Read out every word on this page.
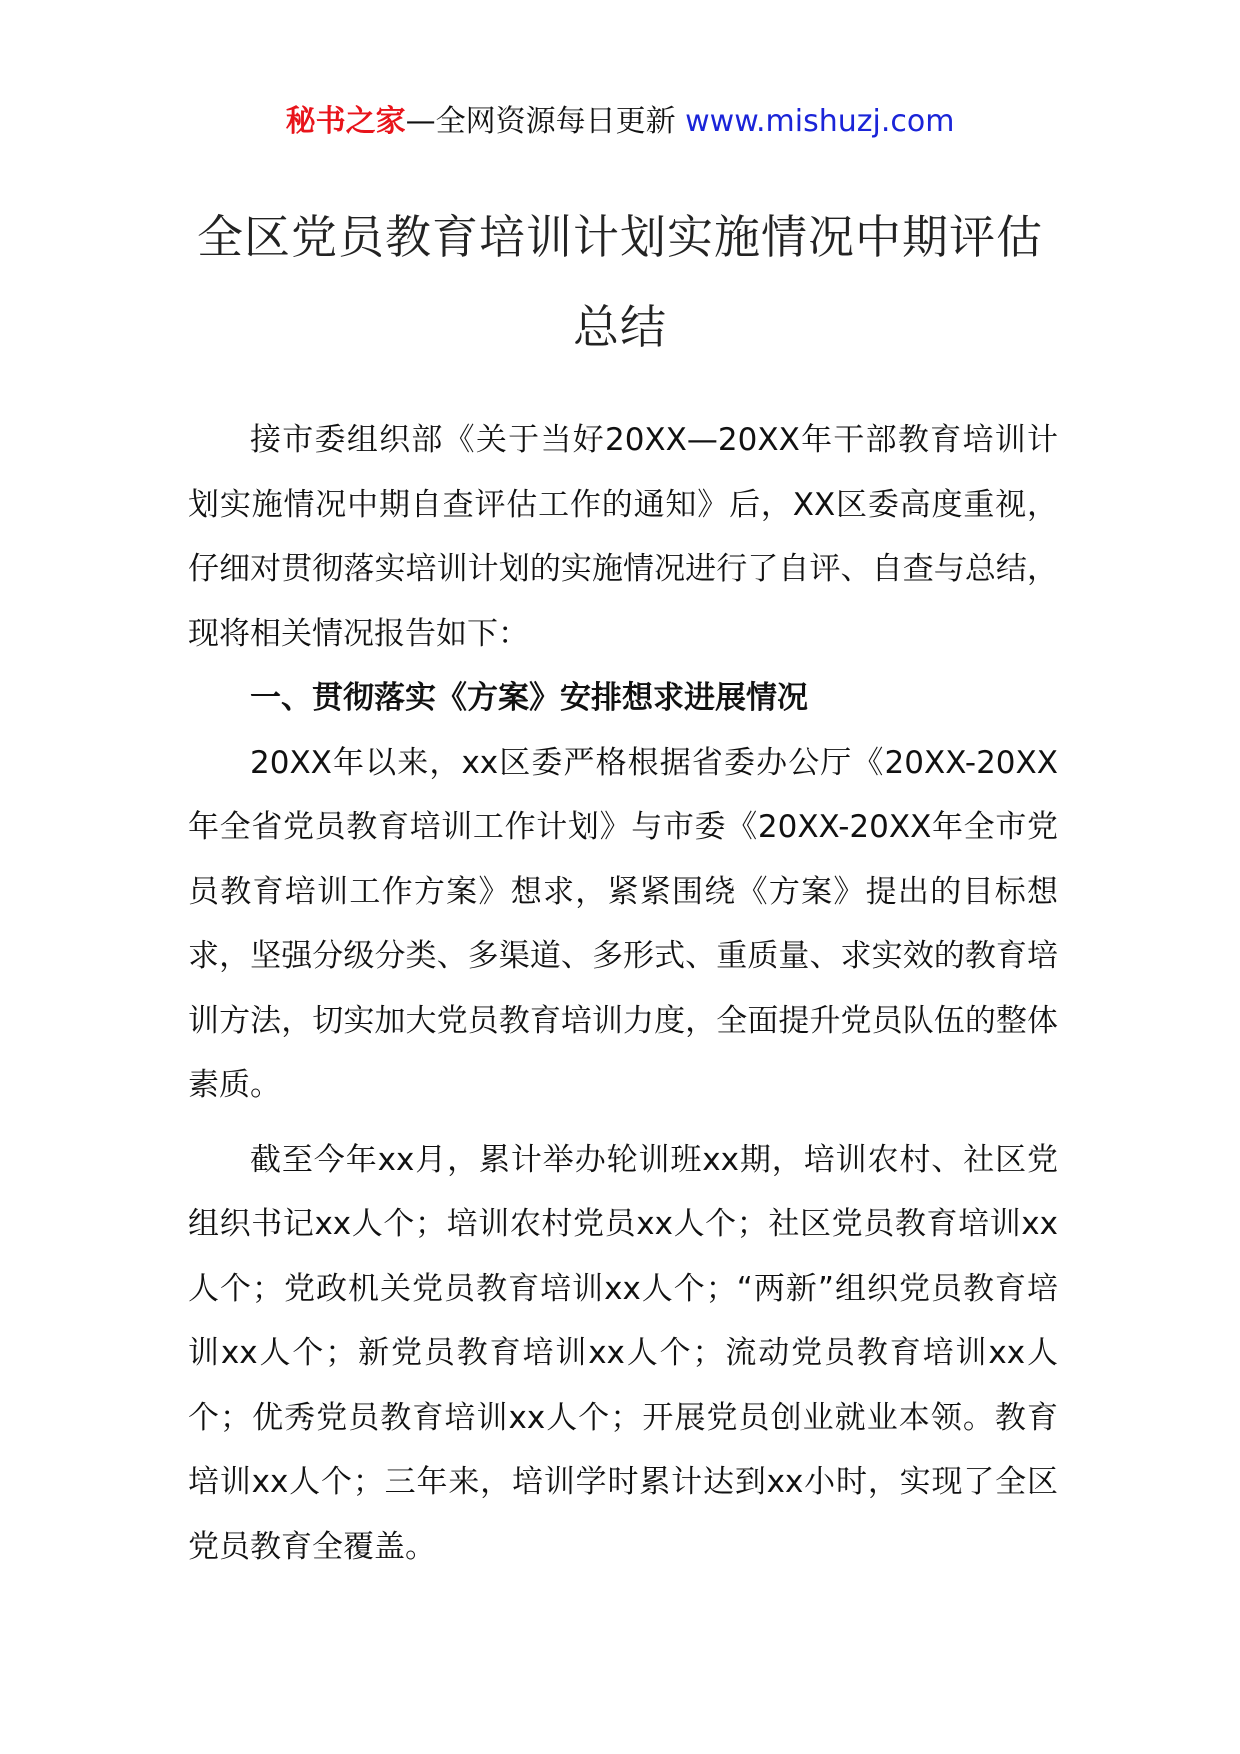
秘书之家—全网资源每日更新 www.mishuzj.com
全区党员教育培训计划实施情况中期评估总结

接市委组织部《关于当好20XX—20XX年干部教育培训计划实施情况中期自查评估工作的通知》后，XX区委高度重视，仔细对贯彻落实培训计划的实施情况进行了自评、自查与总结，现将相关情况报告如下：

一、贯彻落实《方案》安排想求进展情况

20XX年以来，xx区委严格根据省委办公厅《20XX-20XX年全省党员教育培训工作计划》与市委《20XX-20XX年全市党员教育培训工作方案》想求，紧紧围绕《方案》提出的目标想求，坚强分级分类、多渠道、多形式、重质量、求实效的教育培训方法，切实加大党员教育培训力度，全面提升党员队伍的整体素质。

截至今年xx月，累计举办轮训班xx期，培训农村、社区党组织书记xx人个；培训农村党员xx人个；社区党员教育培训xx人个；党政机关党员教育培训xx人个；“两新”组织党员教育培训xx人个；新党员教育培训xx人个；流动党员教育培训xx人个；优秀党员教育培训xx人个；开展党员创业就业本领。教育培训xx人个；三年来，培训学时累计达到xx小时，实现了全区党员教育全覆盖。
